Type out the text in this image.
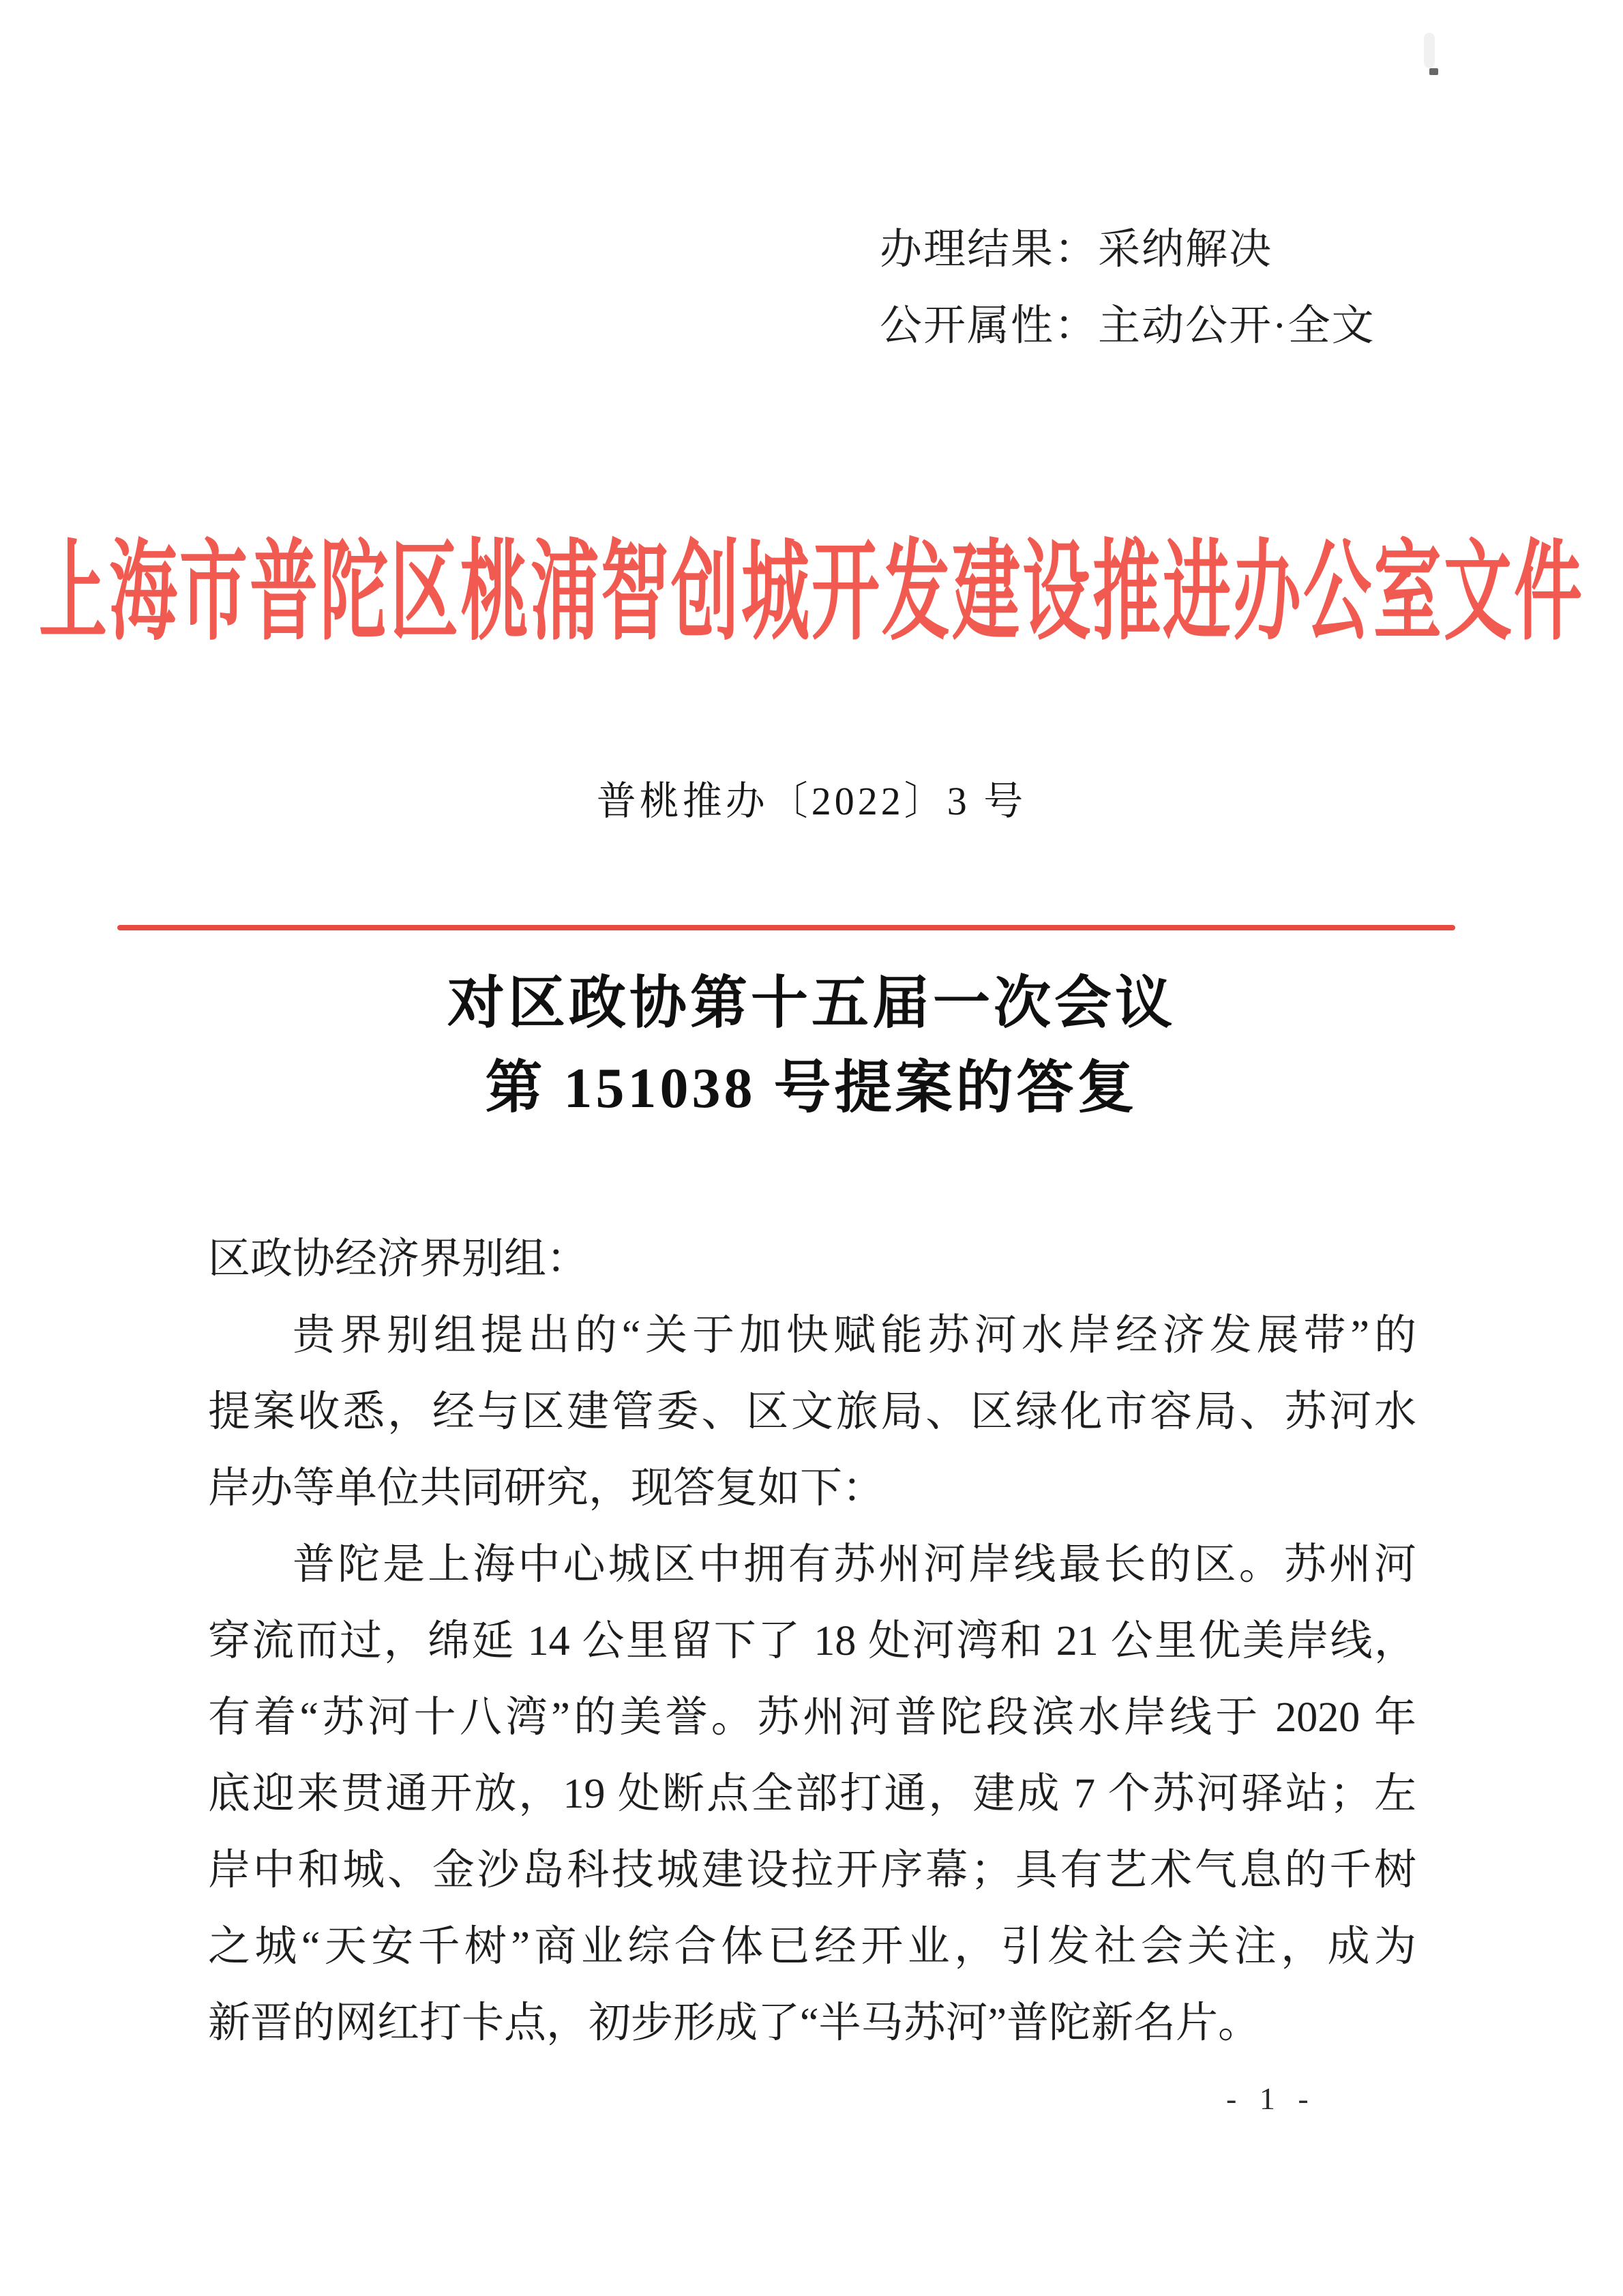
办理结果：采纳解决
公开属性：主动公开·全文
上海市普陀区桃浦智创城开发建设推进办公室文件
普桃推办〔2022〕3 号
对区政协第十五届一次会议
第 151038 号提案的答复
区政协经济界别组：
贵界别组提出的“关于加快赋能苏河水岸经济发展带”的
提案收悉，经与区建管委、区文旅局、区绿化市容局、苏河水
岸办等单位共同研究，现答复如下：
普陀是上海中心城区中拥有苏州河岸线最长的区。苏州河
穿流而过，绵延 14 公里留下了 18 处河湾和 21 公里优美岸线，
有着“苏河十八湾”的美誉。苏州河普陀段滨水岸线于 2020 年
底迎来贯通开放，19 处断点全部打通，建成 7 个苏河驿站；左
岸中和城、金沙岛科技城建设拉开序幕；具有艺术气息的千树
之城“天安千树”商业综合体已经开业，引发社会关注，成为
新晋的网红打卡点，初步形成了“半马苏河”普陀新名片。
- 1 -
